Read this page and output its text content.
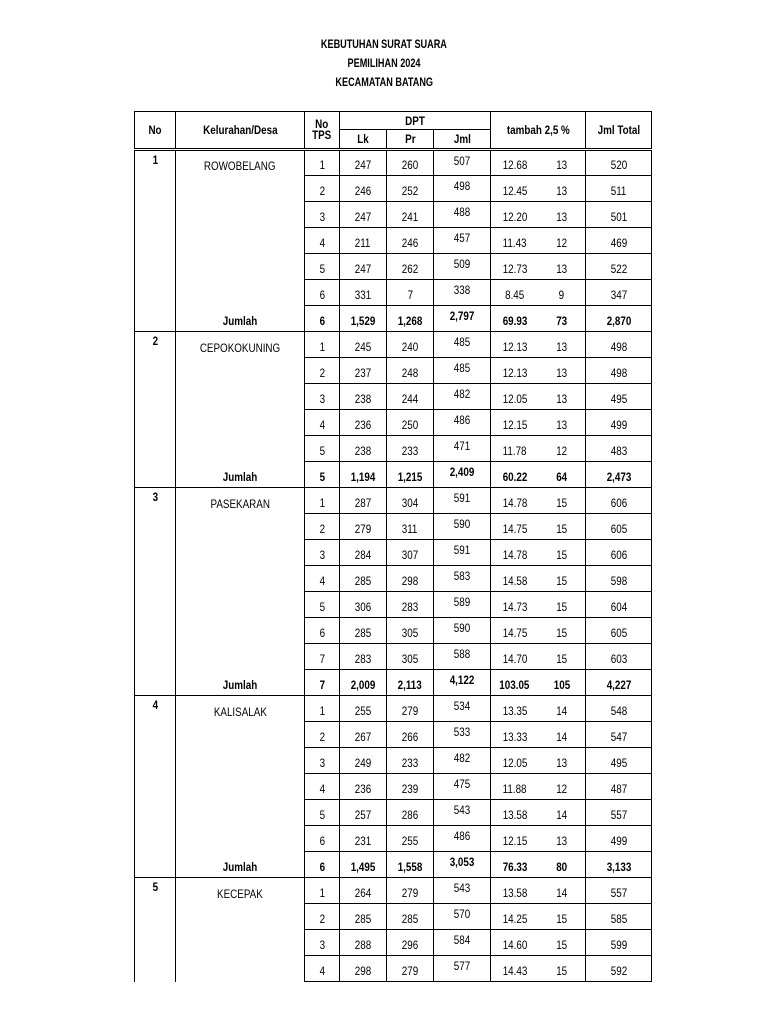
KEBUTUHAN SURAT SUARA
PEMILIHAN 2024
KECAMATAN BATANG
No	Kelurahan/Desa	No
TPS	DPT			tambah 2,5 %		Jml Total
			Lk	Pr	Jml			
1	ROWOBELANG	1	247	260	507	12.68	13	520
		2	246	252	498	12.45	13	511
		3	247	241	488	12.20	13	501
		4	211	246	457	11.43	12	469
		5	247	262	509	12.73	13	522
		6	331	7	338	8.45	9	347
	Jumlah	6	1,529	1,268	2,797	69.93	73	2,870
2	CEPOKOKUNING	1	245	240	485	12.13	13	498
		2	237	248	485	12.13	13	498
		3	238	244	482	12.05	13	495
		4	236	250	486	12.15	13	499
		5	238	233	471	11.78	12	483
	Jumlah	5	1,194	1,215	2,409	60.22	64	2,473
3	PASEKARAN	1	287	304	591	14.78	15	606
		2	279	311	590	14.75	15	605
		3	284	307	591	14.78	15	606
		4	285	298	583	14.58	15	598
		5	306	283	589	14.73	15	604
		6	285	305	590	14.75	15	605
		7	283	305	588	14.70	15	603
	Jumlah	7	2,009	2,113	4,122	103.05	105	4,227
4	KALISALAK	1	255	279	534	13.35	14	548
		2	267	266	533	13.33	14	547
		3	249	233	482	12.05	13	495
		4	236	239	475	11.88	12	487
		5	257	286	543	13.58	14	557
		6	231	255	486	12.15	13	499
	Jumlah	6	1,495	1,558	3,053	76.33	80	3,133
5	KECEPAK	1	264	279	543	13.58	14	557
		2	285	285	570	14.25	15	585
		3	288	296	584	14.60	15	599
		4	298	279	577	14.43	15	592
